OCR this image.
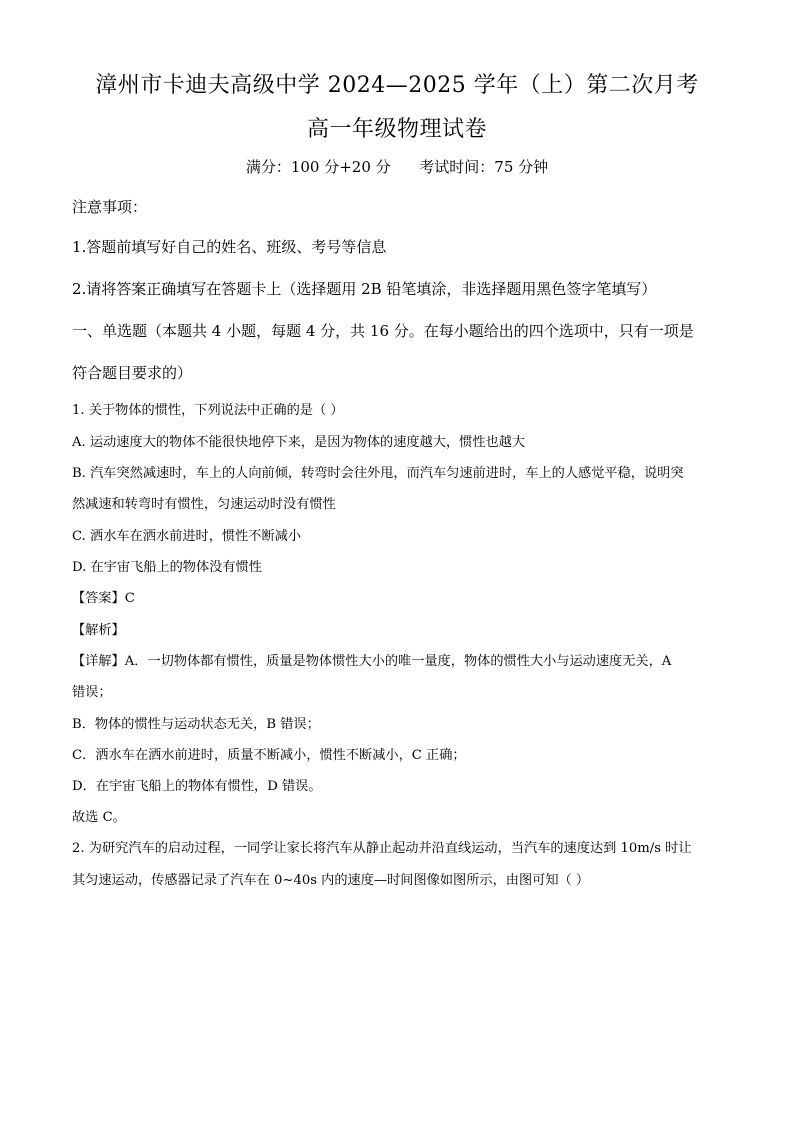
漳州市卡迪夫高级中学 2024—2025 学年（上）第二次月考
高一年级物理试卷
满分：100 分+20 分      考试时间：75 分钟
注意事项：
1.答题前填写好自己的姓名、班级、考号等信息
2.请将答案正确填写在答题卡上（选择题用 2B 铅笔填涂，非选择题用黑色签字笔填写）
一、单选题（本题共 4 小题，每题 4 分，共 16 分。在每小题给出的四个选项中，只有一项是
符合题目要求的）
1. 关于物体的惯性，下列说法中正确的是（ ）
A. 运动速度大的物体不能很快地停下来，是因为物体的速度越大，惯性也越大
B. 汽车突然减速时，车上的人向前倾，转弯时会往外甩，而汽车匀速前进时，车上的人感觉平稳，说明突
然减速和转弯时有惯性，匀速运动时没有惯性
C. 洒水车在洒水前进时，惯性不断减小
D. 在宇宙飞船上的物体没有惯性
【答案】C
【解析】
【详解】A．一切物体都有惯性，质量是物体惯性大小的唯一量度，物体的惯性大小与运动速度无关，A
错误；
B．物体的惯性与运动状态无关，B 错误；
C．洒水车在洒水前进时，质量不断减小，惯性不断减小，C 正确；
D．在宇宙飞船上的物体有惯性，D 错误。
故选 C。
2. 为研究汽车的启动过程，一同学让家长将汽车从静止起动并沿直线运动，当汽车的速度达到 10m/s 时让
其匀速运动，传感器记录了汽车在 0~40s 内的速度—时间图像如图所示，由图可知（ ）
